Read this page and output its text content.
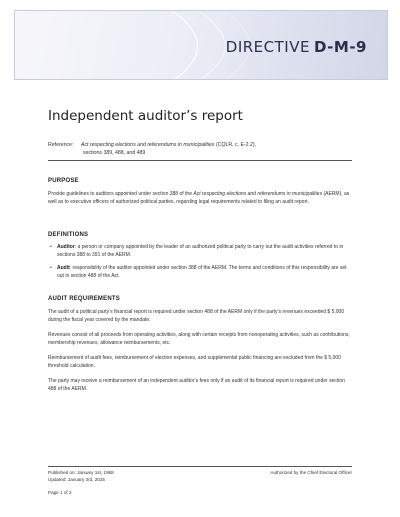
DIRECTIVE D-M-9
Independent auditor’s report
Reference: Act respecting elections and referendums in municipalities (CQLR, c. E-2.2),
sections 389, 488, and 489
PURPOSE
Provide guidelines to auditors appointed under section 388 of the Act respecting elections and referendums in municipalities (AERM), as well as to executive officers of authorized political parties, regarding legal requirements related to filing an audit report.
DEFINITIONS
•	Auditor: a person or company appointed by the leader of an authorized political party to carry out the audit activities referred to in sections 388 to 391 of the AERM.
•	Audit: responsibility of the auditor appointed under section 388 of the AERM. The terms and conditions of this responsibility are set out in section 488 of the Act.
AUDIT REQUIREMENTS
The audit of a political party’s financial report is required under section 488 of the AERM only if the party’s revenues exceeded $ 5,000 during the fiscal year covered by the mandate.
Revenues consist of all proceeds from operating activities, along with certain receipts from nonoperating activities, such as contributions, membership revenues, allowance reimbursements, etc.
Reimbursement of audit fees, reimbursement of election expenses, and supplemental public financing are excluded from the $ 5,000 threshold calculation.
The party may receive a reimbursement of an independent auditor’s fees only if an audit of its financial report is required under section 488 of the AERM.
Published on: January 1st, 1988
Updated: January 3rd, 2025
Page 1 of 2
Authorized by the Chief Electoral Officer
